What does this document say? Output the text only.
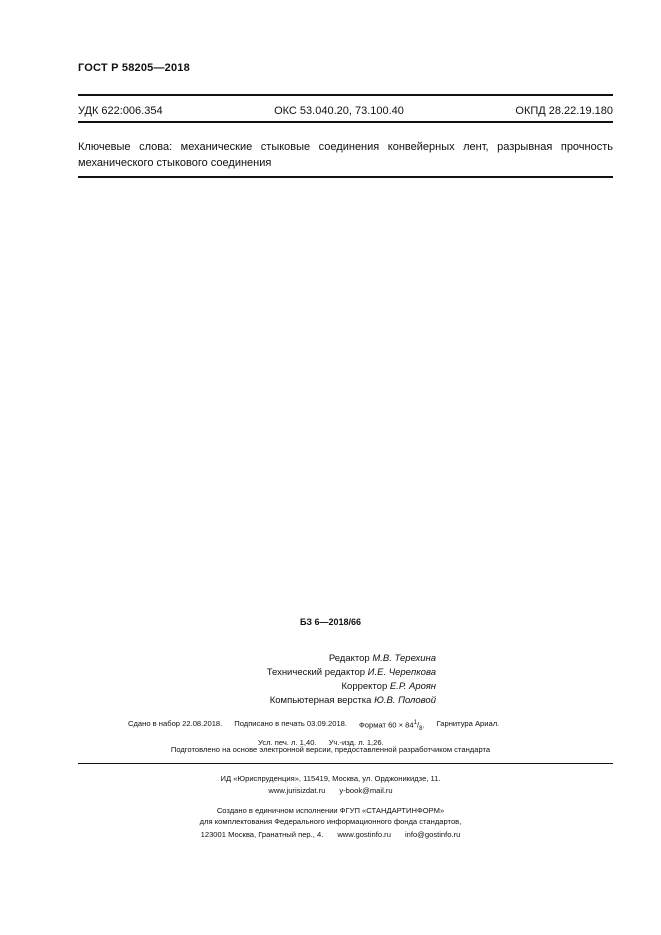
ГОСТ Р 58205—2018
УДК 622:006.354	ОКС 53.040.20, 73.100.40	ОКПД 28.22.19.180
Ключевые слова: механические стыковые соединения конвейерных лент, разрывная прочность механического стыкового соединения
БЗ 6—2018/66
Редактор М.В. Терехина
Технический редактор И.Е. Черепкова
Корректор Е.Р. Ароян
Компьютерная верстка Ю.В. Половой
Сдано в набор 22.08.2018. Подписано в печать 03.09.2018. Формат $60 \times 84^1/_8$. Гарнитура Ариал.
Усл. печ. л. 1,40. Уч.-изд. л. 1,26.
Подготовлено на основе электронной версии, предоставленной разработчиком стандарта
ИД «Юриспруденция», 115419, Москва, ул. Орджоникидзе, 11.
www.jurisizdat.ru y-book@mail.ru
Создано в единичном исполнении ФГУП «СТАНДАРТИНФОРМ»
для комплектования Федерального информационного фонда стандартов,
123001 Москва, Гранатный пер., 4. www.gostinfo.ru info@gostinfo.ru
